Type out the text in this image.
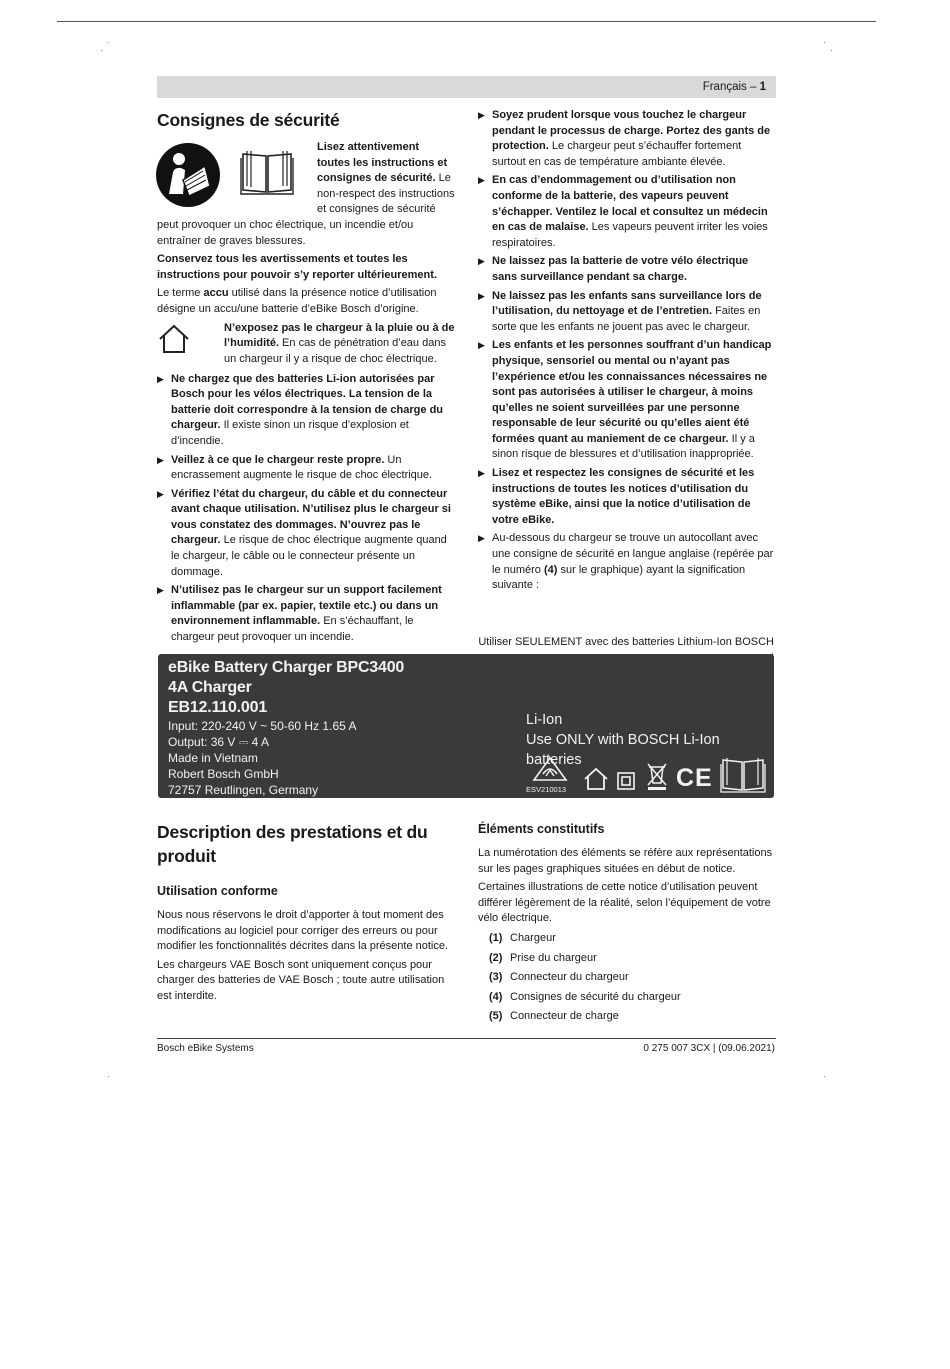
Français – 1
Consignes de sécurité

Lisez attentivement toutes les instructions et consignes de sécurité. Le non-respect des instructions et consignes de sécurité peut provoquer un choc électrique, un incendie et/ou entraîner de graves blessures.

Conservez tous les avertissements et toutes les instructions pour pouvoir s’y reporter ultérieurement.

Le terme accu utilisé dans la présence notice d’utilisation désigne un accu/une batterie d’eBike Bosch d’origine.

N’exposez pas le chargeur à la pluie ou à de l’humidité. En cas de pénétration d’eau dans un chargeur il y a risque de choc électrique.
▶ Ne chargez que des batteries Li-ion autorisées par Bosch pour les vélos électriques. La tension de la batterie doit correspondre à la tension de charge du chargeur. Il existe sinon un risque d’explosion et d’incendie.
▶ Veillez à ce que le chargeur reste propre. Un encrassement augmente le risque de choc électrique.
▶ Vérifiez l’état du chargeur, du câble et du connecteur avant chaque utilisation. N’utilisez plus le chargeur si vous constatez des dommages. N’ouvrez pas le chargeur. Le risque de choc électrique augmente quand le chargeur, le câble ou le connecteur présente un dommage.
▶ N’utilisez pas le chargeur sur un support facilement inflammable (par ex. papier, textile etc.) ou dans un environnement inflammable. En s’échauffant, le chargeur peut provoquer un incendie.
▶ Soyez prudent lorsque vous touchez le chargeur pendant le processus de charge. Portez des gants de protection. Le chargeur peut s’échauffer fortement surtout en cas de température ambiante élevée.
▶ En cas d’endommagement ou d’utilisation non conforme de la batterie, des vapeurs peuvent s’échapper. Ventilez le local et consultez un médecin en cas de malaise. Les vapeurs peuvent irriter les voies respiratoires.
▶ Ne laissez pas la batterie de votre vélo électrique sans surveillance pendant sa charge.
▶ Ne laissez pas les enfants sans surveillance lors de l’utilisation, du nettoyage et de l’entretien. Faites en sorte que les enfants ne jouent pas avec le chargeur.
▶ Les enfants et les personnes souffrant d’un handicap physique, sensoriel ou mental ou n’ayant pas l’expérience et/ou les connaissances nécessaires ne sont pas autorisées à utiliser le chargeur, à moins qu’elles ne soient surveillées par une personne responsable de leur sécurité ou qu’elles aient été formées quant au maniement de ce chargeur. Il y a sinon risque de blessures et d’utilisation inappropriée.
▶ Lisez et respectez les consignes de sécurité et les instructions de toutes les notices d’utilisation du système eBike, ainsi que la notice d’utilisation de votre eBike.
▶ Au-dessous du chargeur se trouve un autocollant avec une consigne de sécurité en langue anglaise (repérée par le numéro (4) sur le graphique) ayant la signification suivante :
Utiliser SEULEMENT avec des batteries Lithium-Ion BOSCH
eBike Battery Charger BPC3400
4A Charger
EB12.110.001
Input: 220-240 V ~ 50-60 Hz 1.65 A
Output: 36 V ⎓ 4 A
Made in Vietnam
Robert Bosch GmbH
72757 Reutlingen, Germany
Li-Ion
Use ONLY with BOSCH Li-Ion batteries
ESV210013	CE
Description des prestations et du produit
Utilisation conforme

Nous nous réservons le droit d’apporter à tout moment des modifications au logiciel pour corriger des erreurs ou pour modifier les fonctionnalités décrites dans la présente notice.

Les chargeurs VAE Bosch sont uniquement conçus pour charger des batteries de VAE Bosch ; toute autre utilisation est interdite.

Éléments constitutifs

La numérotation des éléments se réfère aux représentations sur les pages graphiques situées en début de notice.

Certaines illustrations de cette notice d’utilisation peuvent différer légèrement de la réalité, selon l’équipement de votre vélo électrique.

(1) Chargeur
(2) Prise du chargeur
(3) Connecteur du chargeur
(4) Consignes de sécurité du chargeur
(5) Connecteur de charge
Bosch eBike Systems	0 275 007 3CX | (09.06.2021)
